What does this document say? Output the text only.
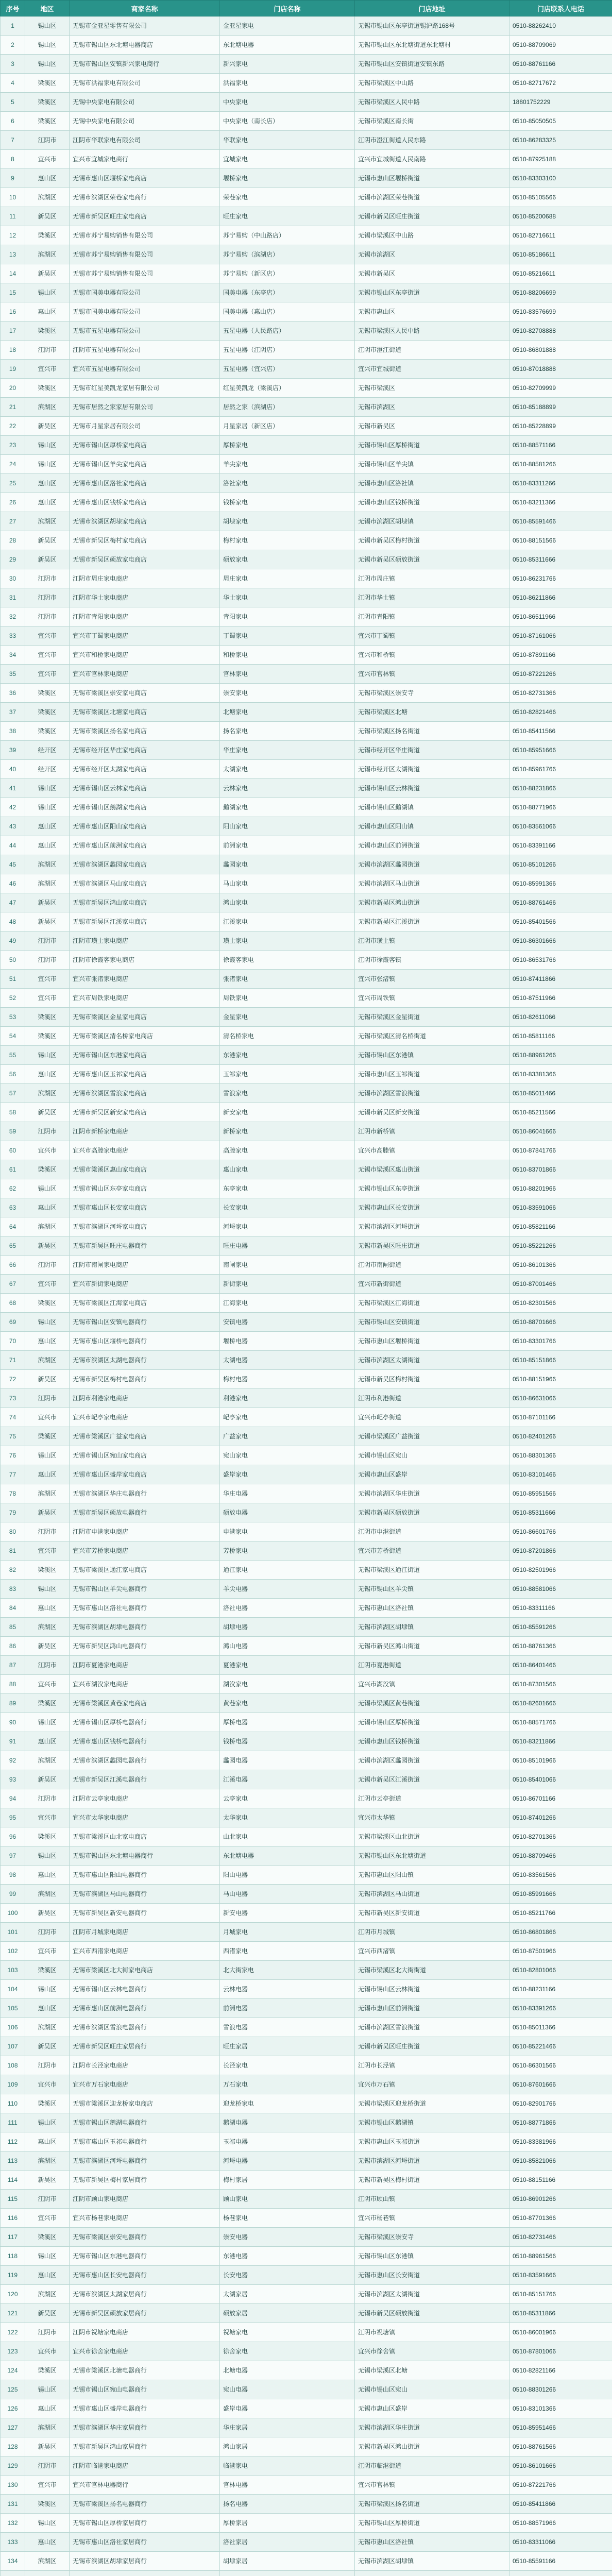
序号	地区	商家名称	门店名称	门店地址	门店联系人电话
1	锡山区	无锡市金亚星零售有限公司	金亚星家电	无锡市锡山区东亭街道锡沪路168号	0510-88262410
2	锡山区	无锡市锡山区东北塘电器商店	东北塘电器	无锡市锡山区东北塘街道东北塘村	0510-88709069
3	锡山区	无锡市锡山区安镇新兴家电商行	新兴家电	无锡市锡山区安镇街道安镇东路	0510-88761166
4	梁溪区	无锡市洪福家电有限公司	洪福家电	无锡市梁溪区中山路	0510-82717672
5	梁溪区	无锡中央家电有限公司	中央家电	无锡市梁溪区人民中路	18801752229
6	梁溪区	无锡中央家电有限公司	中央家电（南长店）	无锡市梁溪区南长街	0510-85050505
7	江阴市	江阴市华联家电有限公司	华联家电	江阴市澄江街道人民东路	0510-86283325
8	宜兴市	宜兴市宜城家电商行	宜城家电	宜兴市宜城街道人民南路	0510-87925188
9	惠山区	无锡市惠山区堰桥家电商店	堰桥家电	无锡市惠山区堰桥街道	0510-83303100
10	滨湖区	无锡市滨湖区荣巷家电商行	荣巷家电	无锡市滨湖区荣巷街道	0510-85105566
11	新吴区	无锡市新吴区旺庄家电商店	旺庄家电	无锡市新吴区旺庄街道	0510-85200688
12	梁溪区	无锡市苏宁易购销售有限公司	苏宁易购（中山路店）	无锡市梁溪区中山路	0510-82716611
13	滨湖区	无锡市苏宁易购销售有限公司	苏宁易购（滨湖店）	无锡市滨湖区	0510-85186611
14	新吴区	无锡市苏宁易购销售有限公司	苏宁易购（新区店）	无锡市新吴区	0510-85216611
15	锡山区	无锡市国美电器有限公司	国美电器（东亭店）	无锡市锡山区东亭街道	0510-88206699
16	惠山区	无锡市国美电器有限公司	国美电器（惠山店）	无锡市惠山区	0510-83576699
17	梁溪区	无锡市五星电器有限公司	五星电器（人民路店）	无锡市梁溪区人民中路	0510-82708888
18	江阴市	江阴市五星电器有限公司	五星电器（江阴店）	江阴市澄江街道	0510-86801888
19	宜兴市	宜兴市五星电器有限公司	五星电器（宜兴店）	宜兴市宜城街道	0510-87018888
20	梁溪区	无锡市红星美凯龙家居有限公司	红星美凯龙（梁溪店）	无锡市梁溪区	0510-82709999
21	滨湖区	无锡市居然之家家居有限公司	居然之家（滨湖店）	无锡市滨湖区	0510-85188899
22	新吴区	无锡市月星家居有限公司	月星家居（新区店）	无锡市新吴区	0510-85228899
23	锡山区	无锡市锡山区厚桥家电商店	厚桥家电	无锡市锡山区厚桥街道	0510-88571166
24	锡山区	无锡市锡山区羊尖家电商店	羊尖家电	无锡市锡山区羊尖镇	0510-88581266
25	惠山区	无锡市惠山区洛社家电商店	洛社家电	无锡市惠山区洛社镇	0510-83311266
26	惠山区	无锡市惠山区钱桥家电商店	钱桥家电	无锡市惠山区钱桥街道	0510-83211366
27	滨湖区	无锡市滨湖区胡埭家电商店	胡埭家电	无锡市滨湖区胡埭镇	0510-85591466
28	新吴区	无锡市新吴区梅村家电商店	梅村家电	无锡市新吴区梅村街道	0510-88151566
29	新吴区	无锡市新吴区硕放家电商店	硕放家电	无锡市新吴区硕放街道	0510-85311666
30	江阴市	江阴市周庄家电商店	周庄家电	江阴市周庄镇	0510-86231766
31	江阴市	江阴市华士家电商店	华士家电	江阴市华士镇	0510-86211866
32	江阴市	江阴市青阳家电商店	青阳家电	江阴市青阳镇	0510-86511966
33	宜兴市	宜兴市丁蜀家电商店	丁蜀家电	宜兴市丁蜀镇	0510-87161066
34	宜兴市	宜兴市和桥家电商店	和桥家电	宜兴市和桥镇	0510-87891166
35	宜兴市	宜兴市官林家电商店	官林家电	宜兴市官林镇	0510-87221266
36	梁溪区	无锡市梁溪区崇安家电商店	崇安家电	无锡市梁溪区崇安寺	0510-82731366
37	梁溪区	无锡市梁溪区北塘家电商店	北塘家电	无锡市梁溪区北塘	0510-82821466
38	梁溪区	无锡市梁溪区扬名家电商店	扬名家电	无锡市梁溪区扬名街道	0510-85411566
39	经开区	无锡市经开区华庄家电商店	华庄家电	无锡市经开区华庄街道	0510-85951666
40	经开区	无锡市经开区太湖家电商店	太湖家电	无锡市经开区太湖街道	0510-85961766
41	锡山区	无锡市锡山区云林家电商店	云林家电	无锡市锡山区云林街道	0510-88231866
42	锡山区	无锡市锡山区鹅湖家电商店	鹅湖家电	无锡市锡山区鹅湖镇	0510-88771966
43	惠山区	无锡市惠山区阳山家电商店	阳山家电	无锡市惠山区阳山镇	0510-83561066
44	惠山区	无锡市惠山区前洲家电商店	前洲家电	无锡市惠山区前洲街道	0510-83391166
45	滨湖区	无锡市滨湖区蠡园家电商店	蠡园家电	无锡市滨湖区蠡园街道	0510-85101266
46	滨湖区	无锡市滨湖区马山家电商店	马山家电	无锡市滨湖区马山街道	0510-85991366
47	新吴区	无锡市新吴区鸿山家电商店	鸿山家电	无锡市新吴区鸿山街道	0510-88761466
48	新吴区	无锡市新吴区江溪家电商店	江溪家电	无锡市新吴区江溪街道	0510-85401566
49	江阴市	江阴市璜土家电商店	璜土家电	江阴市璜土镇	0510-86301666
50	江阴市	江阴市徐霞客家电商店	徐霞客家电	江阴市徐霞客镇	0510-86531766
51	宜兴市	宜兴市张渚家电商店	张渚家电	宜兴市张渚镇	0510-87411866
52	宜兴市	宜兴市周铁家电商店	周铁家电	宜兴市周铁镇	0510-87511966
53	梁溪区	无锡市梁溪区金星家电商店	金星家电	无锡市梁溪区金星街道	0510-82611066
54	梁溪区	无锡市梁溪区清名桥家电商店	清名桥家电	无锡市梁溪区清名桥街道	0510-85811166
55	锡山区	无锡市锡山区东港家电商店	东港家电	无锡市锡山区东港镇	0510-88961266
56	惠山区	无锡市惠山区玉祁家电商店	玉祁家电	无锡市惠山区玉祁街道	0510-83381366
57	滨湖区	无锡市滨湖区雪浪家电商店	雪浪家电	无锡市滨湖区雪浪街道	0510-85011466
58	新吴区	无锡市新吴区新安家电商店	新安家电	无锡市新吴区新安街道	0510-85211566
59	江阴市	江阴市新桥家电商店	新桥家电	江阴市新桥镇	0510-86041666
60	宜兴市	宜兴市高塍家电商店	高塍家电	宜兴市高塍镇	0510-87841766
61	梁溪区	无锡市梁溪区惠山家电商店	惠山家电	无锡市梁溪区惠山街道	0510-83701866
62	锡山区	无锡市锡山区东亭家电商店	东亭家电	无锡市锡山区东亭街道	0510-88201966
63	惠山区	无锡市惠山区长安家电商店	长安家电	无锡市惠山区长安街道	0510-83591066
64	滨湖区	无锡市滨湖区河埒家电商店	河埒家电	无锡市滨湖区河埒街道	0510-85821166
65	新吴区	无锡市新吴区旺庄电器商行	旺庄电器	无锡市新吴区旺庄街道	0510-85221266
66	江阴市	江阴市南闸家电商店	南闸家电	江阴市南闸街道	0510-86101366
67	宜兴市	宜兴市新街家电商店	新街家电	宜兴市新街街道	0510-87001466
68	梁溪区	无锡市梁溪区江海家电商店	江海家电	无锡市梁溪区江海街道	0510-82301566
69	锡山区	无锡市锡山区安镇电器商行	安镇电器	无锡市锡山区安镇街道	0510-88701666
70	惠山区	无锡市惠山区堰桥电器商行	堰桥电器	无锡市惠山区堰桥街道	0510-83301766
71	滨湖区	无锡市滨湖区太湖电器商行	太湖电器	无锡市滨湖区太湖街道	0510-85151866
72	新吴区	无锡市新吴区梅村电器商行	梅村电器	无锡市新吴区梅村街道	0510-88151966
73	江阴市	江阴市利港家电商店	利港家电	江阴市利港街道	0510-86631066
74	宜兴市	宜兴市屺亭家电商店	屺亭家电	宜兴市屺亭街道	0510-87101166
75	梁溪区	无锡市梁溪区广益家电商店	广益家电	无锡市梁溪区广益街道	0510-82401266
76	锡山区	无锡市锡山区宛山家电商店	宛山家电	无锡市锡山区宛山	0510-88301366
77	惠山区	无锡市惠山区盛岸家电商店	盛岸家电	无锡市惠山区盛岸	0510-83101466
78	滨湖区	无锡市滨湖区华庄电器商行	华庄电器	无锡市滨湖区华庄街道	0510-85951566
79	新吴区	无锡市新吴区硕放电器商行	硕放电器	无锡市新吴区硕放街道	0510-85311666
80	江阴市	江阴市申港家电商店	申港家电	江阴市申港街道	0510-86601766
81	宜兴市	宜兴市芳桥家电商店	芳桥家电	宜兴市芳桥街道	0510-87201866
82	梁溪区	无锡市梁溪区通江家电商店	通江家电	无锡市梁溪区通江街道	0510-82501966
83	锡山区	无锡市锡山区羊尖电器商行	羊尖电器	无锡市锡山区羊尖镇	0510-88581066
84	惠山区	无锡市惠山区洛社电器商行	洛社电器	无锡市惠山区洛社镇	0510-83311166
85	滨湖区	无锡市滨湖区胡埭电器商行	胡埭电器	无锡市滨湖区胡埭镇	0510-85591266
86	新吴区	无锡市新吴区鸿山电器商行	鸿山电器	无锡市新吴区鸿山街道	0510-88761366
87	江阴市	江阴市夏港家电商店	夏港家电	江阴市夏港街道	0510-86401466
88	宜兴市	宜兴市湖㳇家电商店	湖㳇家电	宜兴市湖㳇镇	0510-87301566
89	梁溪区	无锡市梁溪区黄巷家电商店	黄巷家电	无锡市梁溪区黄巷街道	0510-82601666
90	锡山区	无锡市锡山区厚桥电器商行	厚桥电器	无锡市锡山区厚桥街道	0510-88571766
91	惠山区	无锡市惠山区钱桥电器商行	钱桥电器	无锡市惠山区钱桥街道	0510-83211866
92	滨湖区	无锡市滨湖区蠡园电器商行	蠡园电器	无锡市滨湖区蠡园街道	0510-85101966
93	新吴区	无锡市新吴区江溪电器商行	江溪电器	无锡市新吴区江溪街道	0510-85401066
94	江阴市	江阴市云亭家电商店	云亭家电	江阴市云亭街道	0510-86701166
95	宜兴市	宜兴市太华家电商店	太华家电	宜兴市太华镇	0510-87401266
96	梁溪区	无锡市梁溪区山北家电商店	山北家电	无锡市梁溪区山北街道	0510-82701366
97	锡山区	无锡市锡山区东北塘电器商行	东北塘电器	无锡市锡山区东北塘街道	0510-88709466
98	惠山区	无锡市惠山区阳山电器商行	阳山电器	无锡市惠山区阳山镇	0510-83561566
99	滨湖区	无锡市滨湖区马山电器商行	马山电器	无锡市滨湖区马山街道	0510-85991666
100	新吴区	无锡市新吴区新安电器商行	新安电器	无锡市新吴区新安街道	0510-85211766
101	江阴市	江阴市月城家电商店	月城家电	江阴市月城镇	0510-86801866
102	宜兴市	宜兴市西渚家电商店	西渚家电	宜兴市西渚镇	0510-87501966
103	梁溪区	无锡市梁溪区北大街家电商店	北大街家电	无锡市梁溪区北大街街道	0510-82801066
104	锡山区	无锡市锡山区云林电器商行	云林电器	无锡市锡山区云林街道	0510-88231166
105	惠山区	无锡市惠山区前洲电器商行	前洲电器	无锡市惠山区前洲街道	0510-83391266
106	滨湖区	无锡市滨湖区雪浪电器商行	雪浪电器	无锡市滨湖区雪浪街道	0510-85011366
107	新吴区	无锡市新吴区旺庄家居商行	旺庄家居	无锡市新吴区旺庄街道	0510-85221466
108	江阴市	江阴市长泾家电商店	长泾家电	江阴市长泾镇	0510-86301566
109	宜兴市	宜兴市万石家电商店	万石家电	宜兴市万石镇	0510-87601666
110	梁溪区	无锡市梁溪区迎龙桥家电商店	迎龙桥家电	无锡市梁溪区迎龙桥街道	0510-82901766
111	锡山区	无锡市锡山区鹅湖电器商行	鹅湖电器	无锡市锡山区鹅湖镇	0510-88771866
112	惠山区	无锡市惠山区玉祁电器商行	玉祁电器	无锡市惠山区玉祁街道	0510-83381966
113	滨湖区	无锡市滨湖区河埒电器商行	河埒电器	无锡市滨湖区河埒街道	0510-85821066
114	新吴区	无锡市新吴区梅村家居商行	梅村家居	无锡市新吴区梅村街道	0510-88151166
115	江阴市	江阴市顾山家电商店	顾山家电	江阴市顾山镇	0510-86901266
116	宜兴市	宜兴市杨巷家电商店	杨巷家电	宜兴市杨巷镇	0510-87701366
117	梁溪区	无锡市梁溪区崇安电器商行	崇安电器	无锡市梁溪区崇安寺	0510-82731466
118	锡山区	无锡市锡山区东港电器商行	东港电器	无锡市锡山区东港镇	0510-88961566
119	惠山区	无锡市惠山区长安电器商行	长安电器	无锡市惠山区长安街道	0510-83591666
120	滨湖区	无锡市滨湖区太湖家居商行	太湖家居	无锡市滨湖区太湖街道	0510-85151766
121	新吴区	无锡市新吴区硕放家居商行	硕放家居	无锡市新吴区硕放街道	0510-85311866
122	江阴市	江阴市祝塘家电商店	祝塘家电	江阴市祝塘镇	0510-86001966
123	宜兴市	宜兴市徐舍家电商店	徐舍家电	宜兴市徐舍镇	0510-87801066
124	梁溪区	无锡市梁溪区北塘电器商行	北塘电器	无锡市梁溪区北塘	0510-82821166
125	锡山区	无锡市锡山区宛山电器商行	宛山电器	无锡市锡山区宛山	0510-88301266
126	惠山区	无锡市惠山区盛岸电器商行	盛岸电器	无锡市惠山区盛岸	0510-83101366
127	滨湖区	无锡市滨湖区华庄家居商行	华庄家居	无锡市滨湖区华庄街道	0510-85951466
128	新吴区	无锡市新吴区鸿山家居商行	鸿山家居	无锡市新吴区鸿山街道	0510-88761566
129	江阴市	江阴市临港家电商店	临港家电	江阴市临港街道	0510-86101666
130	宜兴市	宜兴市官林电器商行	官林电器	宜兴市官林镇	0510-87221766
131	梁溪区	无锡市梁溪区扬名电器商行	扬名电器	无锡市梁溪区扬名街道	0510-85411866
132	锡山区	无锡市锡山区厚桥家居商行	厚桥家居	无锡市锡山区厚桥街道	0510-88571966
133	惠山区	无锡市惠山区洛社家居商行	洛社家居	无锡市惠山区洛社镇	0510-83311066
134	滨湖区	无锡市滨湖区胡埭家居商行	胡埭家居	无锡市滨湖区胡埭镇	0510-85591166
